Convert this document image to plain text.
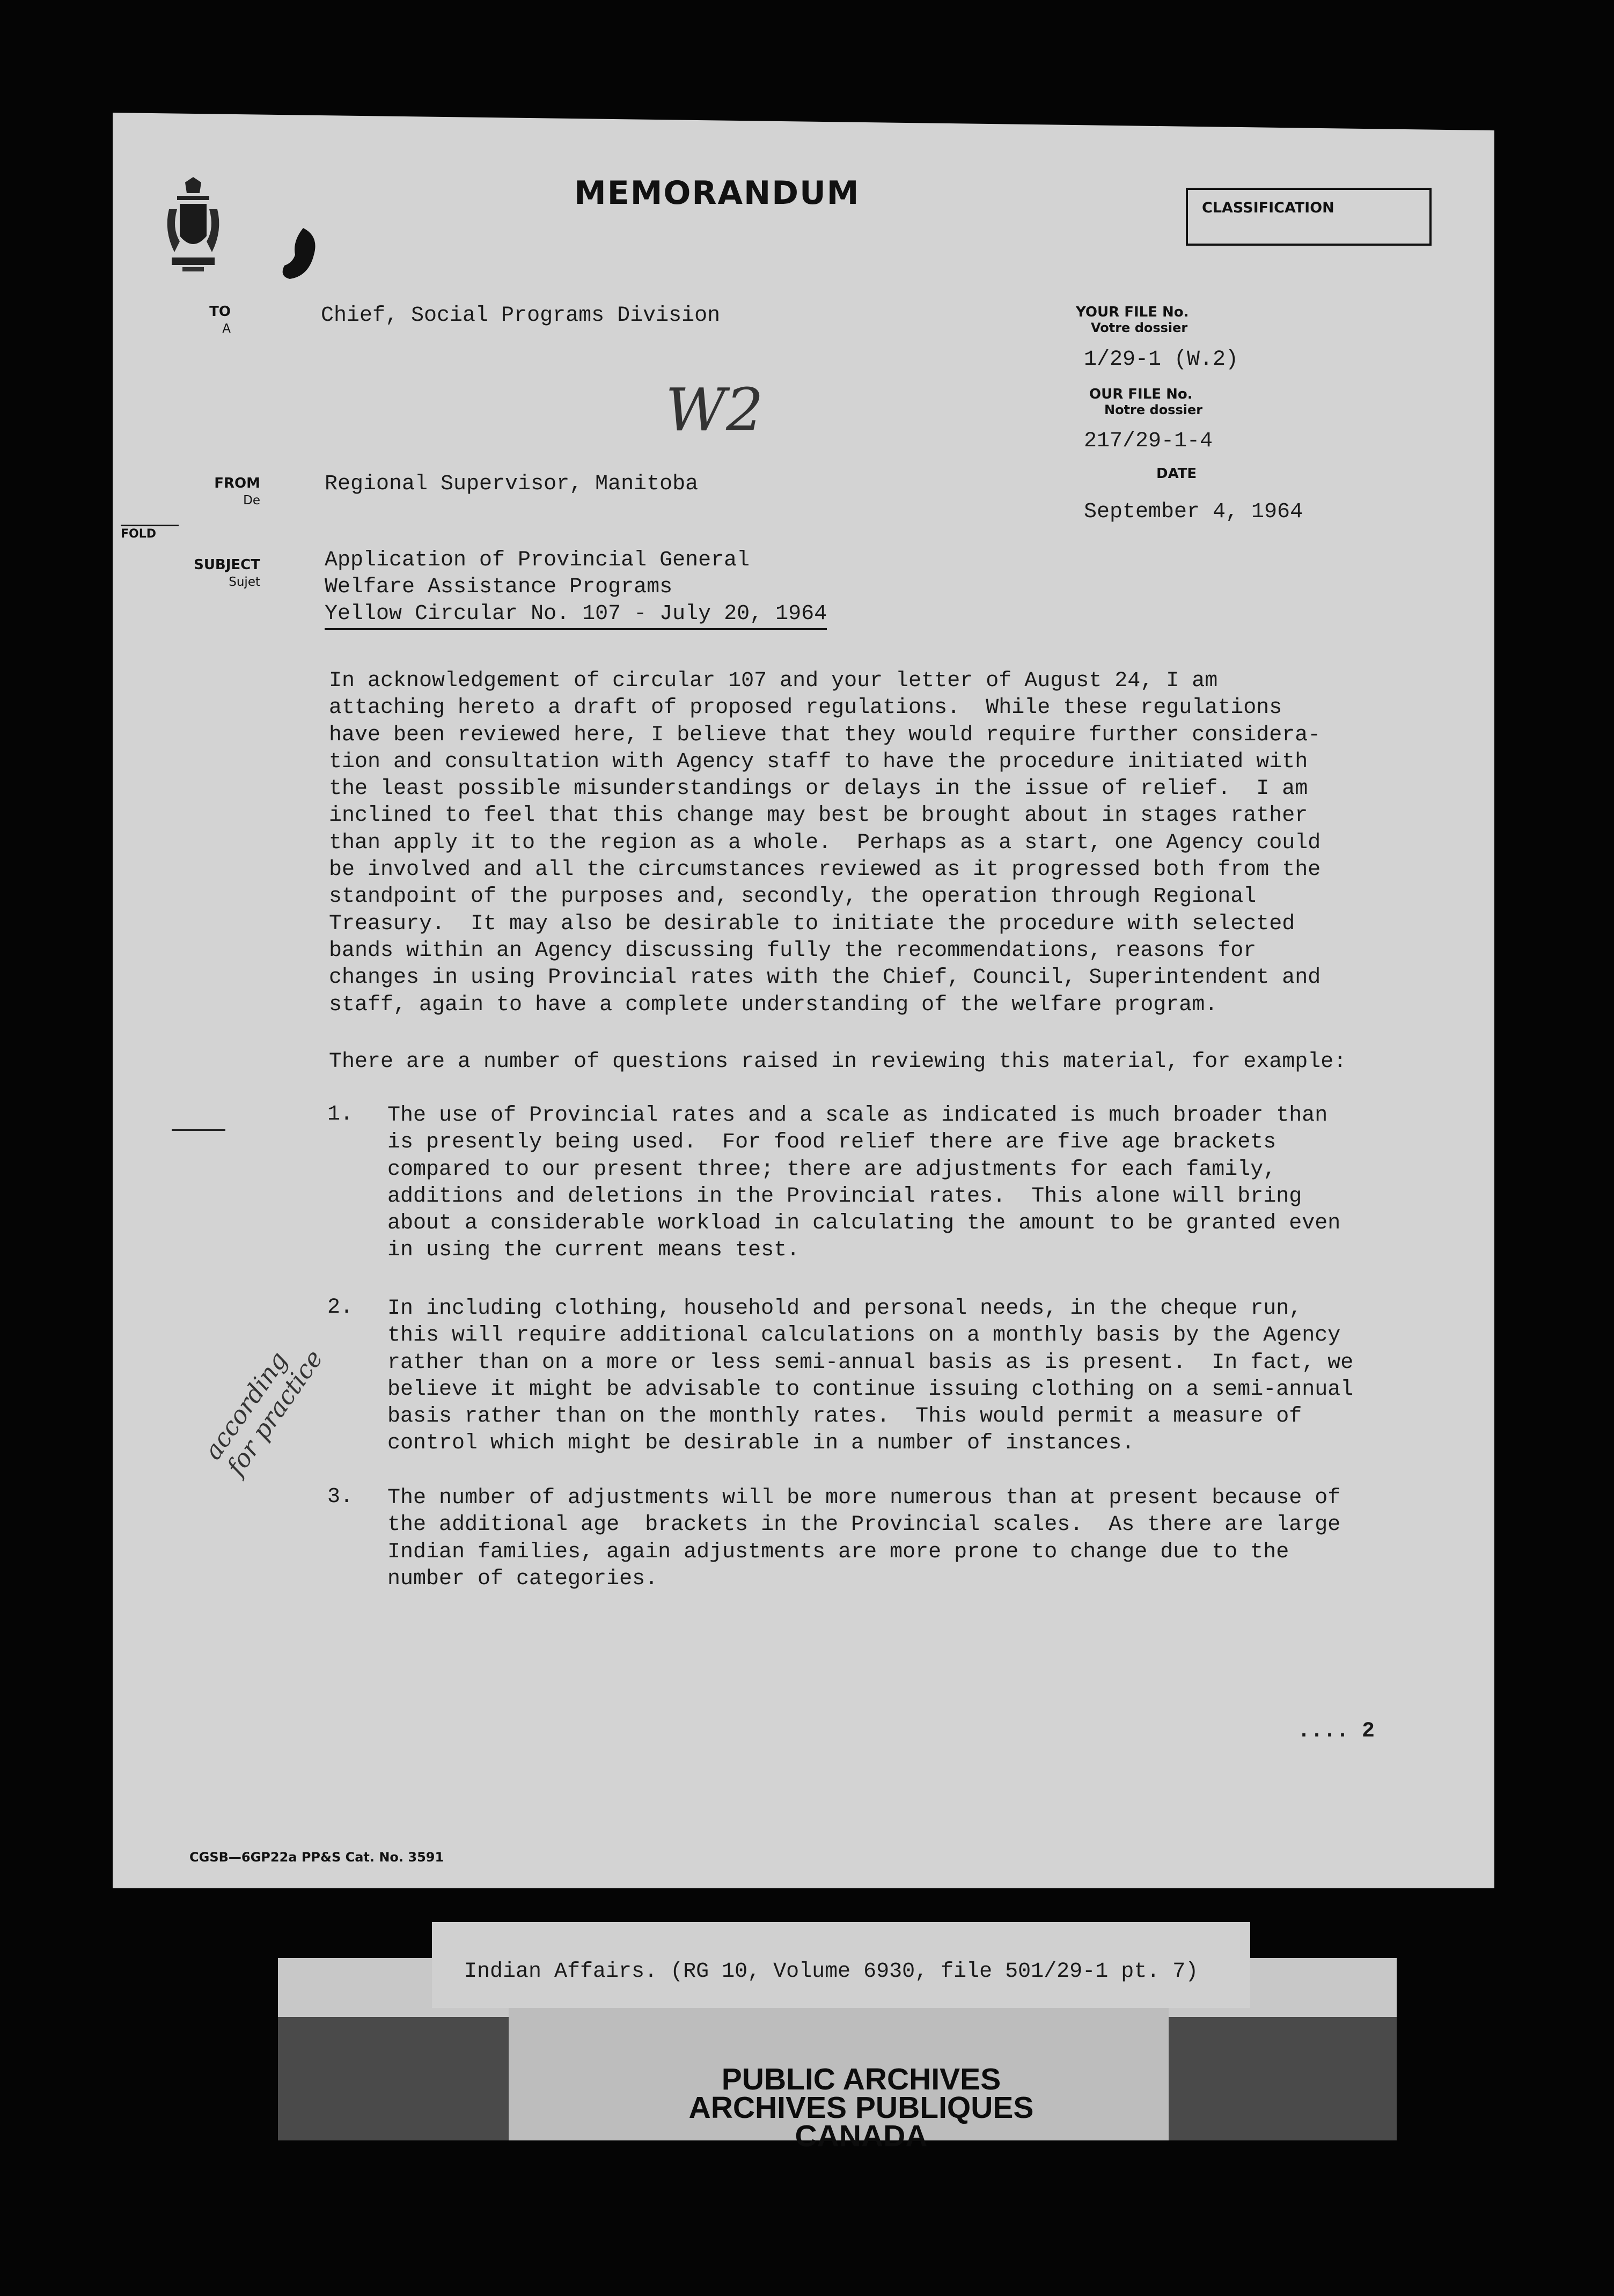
MEMORANDUM	CLASSIFICATION
TO
A
Chief, Social Programs Division	YOUR FILE No.
Votre dossier
1/29-1 (W.2)
OUR FILE No.
Notre dossier
217/29-1-4
DATE
September 4, 1964
W2
FROM
De
Regional Supervisor, Manitoba
FOLD
SUBJECT
Sujet
Application of Provincial General
Welfare Assistance Programs
Yellow Circular No. 107 - July 20, 1964
In acknowledgement of circular 107 and your letter of August 24, I am
attaching hereto a draft of proposed regulations.  While these regulations
have been reviewed here, I believe that they would require further considera-
tion and consultation with Agency staff to have the procedure initiated with
the least possible misunderstandings or delays in the issue of relief.  I am
inclined to feel that this change may best be brought about in stages rather
than apply it to the region as a whole.  Perhaps as a start, one Agency could
be involved and all the circumstances reviewed as it progressed both from the
standpoint of the purposes and, secondly, the operation through Regional
Treasury.  It may also be desirable to initiate the procedure with selected
bands within an Agency discussing fully the recommendations, reasons for
changes in using Provincial rates with the Chief, Council, Superintendent and
staff, again to have a complete understanding of the welfare program.
There are a number of questions raised in reviewing this material, for example:
1. The use of Provincial rates and a scale as indicated is much broader than
is presently being used.  For food relief there are five age brackets
compared to our present three; there are adjustments for each family,
additions and deletions in the Provincial rates.  This alone will bring
about a considerable workload in calculating the amount to be granted even
in using the current means test.
2. In including clothing, household and personal needs, in the cheque run,
this will require additional calculations on a monthly basis by the Agency
rather than on a more or less semi-annual basis as is present.  In fact, we
believe it might be advisable to continue issuing clothing on a semi-annual
basis rather than on the monthly rates.  This would permit a measure of
control which might be desirable in a number of instances.
3. The number of adjustments will be more numerous than at present because of
the additional age  brackets in the Provincial scales.  As there are large
Indian families, again adjustments are more prone to change due to the
number of categories.
according for practice
.... 2
CGSB—6GP22a PP&S Cat. No. 3591
Indian Affairs. (RG 10, Volume 6930, file 501/29-1 pt. 7)
PUBLIC ARCHIVES
ARCHIVES PUBLIQUES
CANADA
